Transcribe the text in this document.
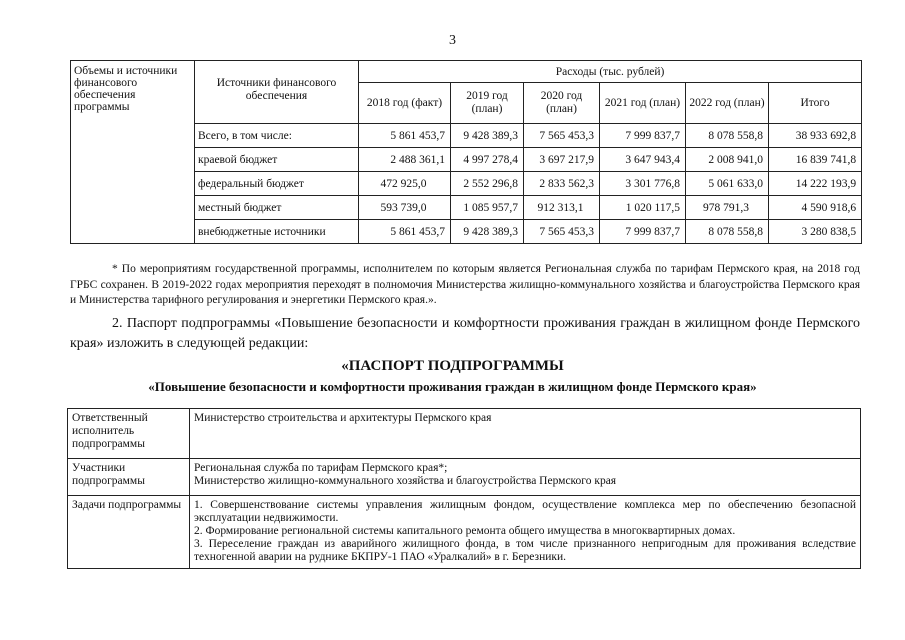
3
Объемы и источники финансового обеспечения программы	Источники финансового обеспечения	Расходы (тыс. рублей)					
		2018 год (факт)	2019 год (план)	2020 год (план)	2021 год (план)	2022 год (план)	Итого
	Всего, в том числе:	5 861 453,7	9 428 389,3	7 565 453,3	7 999 837,7	8 078 558,8	38 933 692,8
	краевой бюджет	2 488 361,1	4 997 278,4	3 697 217,9	3 647 943,4	2 008 941,0	16 839 741,8
	федеральный бюджет	472 925,0	2 552 296,8	2 833 562,3	3 301 776,8	5 061 633,0	14 222 193,9
	местный бюджет	593 739,0	1 085 957,7	912 313,1	1 020 117,5	978 791,3	4 590 918,6
	внебюджетные источники	5 861 453,7	9 428 389,3	7 565 453,3	7 999 837,7	8 078 558,8	3 280 838,5

* По мероприятиям государственной программы, исполнителем по которым является Региональная служба по тарифам Пермского края, на 2018 год ГРБС сохранен. В 2019-2022 годах мероприятия переходят в полномочия Министерства жилищно-коммунального хозяйства и благоустройства Пермского края и Министерства тарифного регулирования и энергетики Пермского края.».

2. Паспорт подпрограммы «Повышение безопасности и комфортности проживания граждан в жилищном фонде Пермского края» изложить в следующей редакции:

«ПАСПОРТ ПОДПРОГРАММЫ
«Повышение безопасности и комфортности проживания граждан в жилищном фонде Пермского края»
Ответственный исполнитель подпрограммы	Министерство строительства и архитектуры Пермского края

Участники подпрограммы	Региональная служба по тарифам Пермского края*;
Министерство жилищно-коммунального хозяйства и благоустройства Пермского края

Задачи подпрограммы	1. Совершенствование системы управления жилищным фондом, осуществление комплекса мер по обеспечению безопасной эксплуатации недвижимости.
2. Формирование региональной системы капитального ремонта общего имущества в многоквартирных домах.
3. Переселение граждан из аварийного жилищного фонда, в том числе признанного непригодным для проживания вследствие техногенной аварии на руднике БКПРУ-1 ПАО «Уралкалий» в г. Березники.
